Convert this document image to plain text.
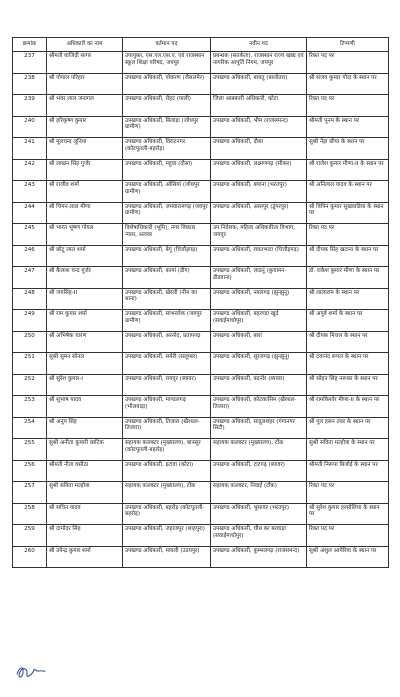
क्रमांक	अधिकारी का नाम	वर्तमान पद	नवीन पद	टिप्पणी
237	श्रीमती वाजिदी सागर	उपायुक्त, एस.एल.एस.ए. एवं राजस्थान स्कूल शिक्षा परिषद, जयपुर	प्रबन्धक (सतर्कता), राजस्थान राज्य खाद्य एवं नागरिक आपूर्ति निगम, जयपुर	रिक्त पद पर
238	श्री गोपाल परिहार	उपखण्ड अधिकारी, पोकरण (जैसलमेर)	उपखण्ड अधिकारी, बायतु (बालोतरा)	श्री संजय कुमार गोदा के स्थान पर
239	श्री भंवर लाल जनागल	उपखण्ड अधिकारी, रोहट (पाली)	जिला आबकारी अधिकारी, कोटा	रिक्त पद पर
240	श्री हरिकृष्ण कुमार	उपखण्ड अधिकारी, बिलाड़ा (जोधपुर ग्रामीण)	उपखण्ड अधिकारी, भीम (राजसमन्द)	श्रीमती पूनम के स्थान पर
241	श्री मूलचन्द लूनिया	उपखण्ड अधिकारी, विराटनगर (कोटपूतली-बहरोड़)	उपखण्ड अधिकारी, दौसा	सुश्री नेहा छीपा के स्थान पर
242	श्री लाखन सिंह गुर्जर	उपखण्ड अधिकारी, महुवा (दौसा)	उपखण्ड अधिकारी, लक्ष्मणगढ़ (सीकर)	श्री राजेश कुमार मीणा-II के स्थान पर
243	श्री राजीव शर्मा	उपखण्ड अधिकारी, ओसियां (जोधपुर ग्रामीण)	उपखण्ड अधिकारी, बयाना (भरतपुर)	श्री अनिलाल यादव के स्थान पर
244	श्री चिमन लाल मीणा	उपखण्ड अधिकारी, जमवारामगढ़ (जयपुर ग्रामीण)	उपखण्ड अधिकारी, आसपुर (डूंगरपुर)	श्री विपिन कुमार सुखवाडिया के स्थान पर
245	श्री भारत भूषण गोयल	विशेषाधिकारी (भूमि), नगर विकास न्यास, अलवर	उप निदेशक, महिला अधिकारिता विभाग, जयपुर	रिक्त पद पर
246	श्री छोटू लाल शर्मा	उपखण्ड अधिकारी, बेगूं (चित्तौड़गढ़)	उपखण्ड अधिकारी, रावतभाटा (चित्तौड़गढ़)	श्री दीपक सिंह खटाना के स्थान पर
247	श्री कैलाश चन्द गुर्जर	उपखण्ड अधिकारी, कामां (डीग)	उपखण्ड अधिकारी, लाडनूं (कुचामन-डीडवाना)	डॉ. राकेश कुमार मीणा के स्थान पर
248	श्री जयसिंह-II	उपखण्ड अधिकारी, खेरली (नीम का थाना)	उपखण्ड अधिकारी, नवलगढ़ (झुन्झुनू)	श्री लालाराम के स्थान पर
249	श्री राम कुमार शर्मा	उपखण्ड अधिकारी, सांभरलेक (जयपुर ग्रामीण)	उपखण्ड अधिकारी, बहरण्डा खुर्द (सवाईमाधोपुर)	श्री अपूर्व शर्मा के स्थान पर
250	श्री अभिषेक चारण	उपखण्ड अधिकारी, अरनोद, प्रतापगढ़	उपखण्ड अधिकारी, बारां	श्री दीपक मित्तल के स्थान पर
251	सुश्री सुमन सोनल	उपखण्ड अधिकारी, समेरी (सलूम्बर)	उपखण्ड अधिकारी, सूरजगढ़ (झुन्झुनू)	श्री दयानंद रूपल के स्थान पर
252	श्री सुरेश कुमार-I	उपखण्ड अधिकारी, रायपुर (ब्यावर)	उपखण्ड अधिकारी, बदनोर (ब्यावर)	श्री सोहन सिंह नरूका के स्थान पर
253	श्री सुभाष यादव	उपखण्ड अधिकारी, माण्डलगढ़ (भीलवाड़ा)	उपखण्ड अधिकारी, कोटकासिम (खैरथल-तिजारा)	श्री रामकिशोर मीणा-II के स्थान पर
254	श्री अनूप सिंह	उपखण्ड अधिकारी, तिजारा (खैरथल-तिजारा)	उपखण्ड अधिकारी, सादुलशहर (गंगानगर सिटी)	श्री गुल हसन तंवर के स्थान पर
255	सुश्री अनीता कुमारी छाटिक	सहायक कलक्टर (मुख्यालय), बानसूर (कोटपूतली-बहरोड़)	सहायक कलक्टर (मुख्यालय), टोंक	सुश्री सविता मल्होत्रा के स्थान पर
256	श्रीमती नीता वसीठा	उपखण्ड अधिकारी, इटावा (कोटा)	उपखण्ड अधिकारी, टाटगढ़ (ब्यावर)	श्रीमती निरूपा बिजोई के स्थान पर
257	सुश्री सविता मल्होत्रा	सहायक कलक्टर (मुख्यालय), टोंक	सहायक कलक्टर, निवाई (टोंक)	रिक्त पद पर
258	श्री सचिन यादव	उपखण्ड अधिकारी, बहरोड़ (कोटपूतली-बहरोड़)	उपखण्ड अधिकारी, भुसावर (भरतपुर)	श्री सुरेश कुमार हरसोलिया के स्थान पर
259	श्री दामोदर सिंह	उपखण्ड अधिकारी, जहाजपुर (शाहपुरा)	उपखण्ड अधिकारी, चौथ का बरवाड़ा (सवाईमाधोपुर)	रिक्त पद पर
260	श्री उपेन्द्र कुमार शर्मा	उपखण्ड अधिकारी, मावली (उदयपुर)	उपखण्ड अधिकारी, कुम्भलगढ़ (राजसमन्द)	सुश्री अंशुल आमेरिया के स्थान पर
